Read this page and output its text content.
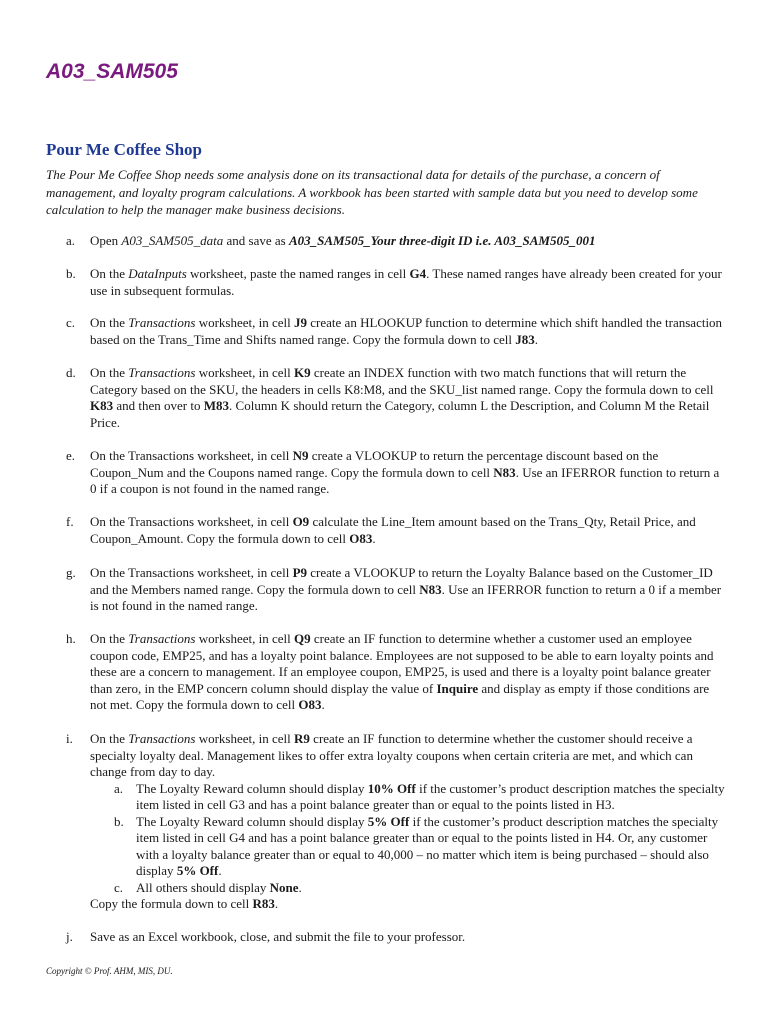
A03_SAM505
Pour Me Coffee Shop

The Pour Me Coffee Shop needs some analysis done on its transactional data for details of the purchase, a concern of management, and loyalty program calculations. A workbook has been started with sample data but you need to develop some calculation to help the manager make business decisions.

a. Open A03_SAM505_data and save as A03_SAM505_Your three-digit ID i.e. A03_SAM505_001
b. On the DataInputs worksheet, paste the named ranges in cell G4. These named ranges have already been created for your use in subsequent formulas.
c. On the Transactions worksheet, in cell J9 create an HLOOKUP function to determine which shift handled the transaction based on the Trans_Time and Shifts named range. Copy the formula down to cell J83.
d. On the Transactions worksheet, in cell K9 create an INDEX function with two match functions that will return the Category based on the SKU, the headers in cells K8:M8, and the SKU_list named range. Copy the formula down to cell K83 and then over to M83. Column K should return the Category, column L the Description, and Column M the Retail Price.
e. On the Transactions worksheet, in cell N9 create a VLOOKUP to return the percentage discount based on the Coupon_Num and the Coupons named range. Copy the formula down to cell N83. Use an IFERROR function to return a 0 if a coupon is not found in the named range.
f. On the Transactions worksheet, in cell O9 calculate the Line_Item amount based on the Trans_Qty, Retail Price, and Coupon_Amount. Copy the formula down to cell O83.
g. On the Transactions worksheet, in cell P9 create a VLOOKUP to return the Loyalty Balance based on the Customer_ID and the Members named range. Copy the formula down to cell N83. Use an IFERROR function to return a 0 if a member is not found in the named range.
h. On the Transactions worksheet, in cell Q9 create an IF function to determine whether a customer used an employee coupon code, EMP25, and has a loyalty point balance. Employees are not supposed to be able to earn loyalty points and these are a concern to management. If an employee coupon, EMP25, is used and there is a loyalty point balance greater than zero, in the EMP concern column should display the value of Inquire and display as empty if those conditions are not met. Copy the formula down to cell O83.
i. On the Transactions worksheet, in cell R9 create an IF function to determine whether the customer should receive a specialty loyalty deal. Management likes to offer extra loyalty coupons when certain criteria are met, and which can change from day to day.
a. The Loyalty Reward column should display 10% Off if the customer’s product description matches the specialty item listed in cell G3 and has a point balance greater than or equal to the points listed in H3.
b. The Loyalty Reward column should display 5% Off if the customer’s product description matches the specialty item listed in cell G4 and has a point balance greater than or equal to the points listed in H4. Or, any customer with a loyalty balance greater than or equal to 40,000 – no matter which item is being purchased – should also display 5% Off.
c. All others should display None.
Copy the formula down to cell R83.
j. Save as an Excel workbook, close, and submit the file to your professor.
Copyright © Prof. AHM, MIS, DU.
